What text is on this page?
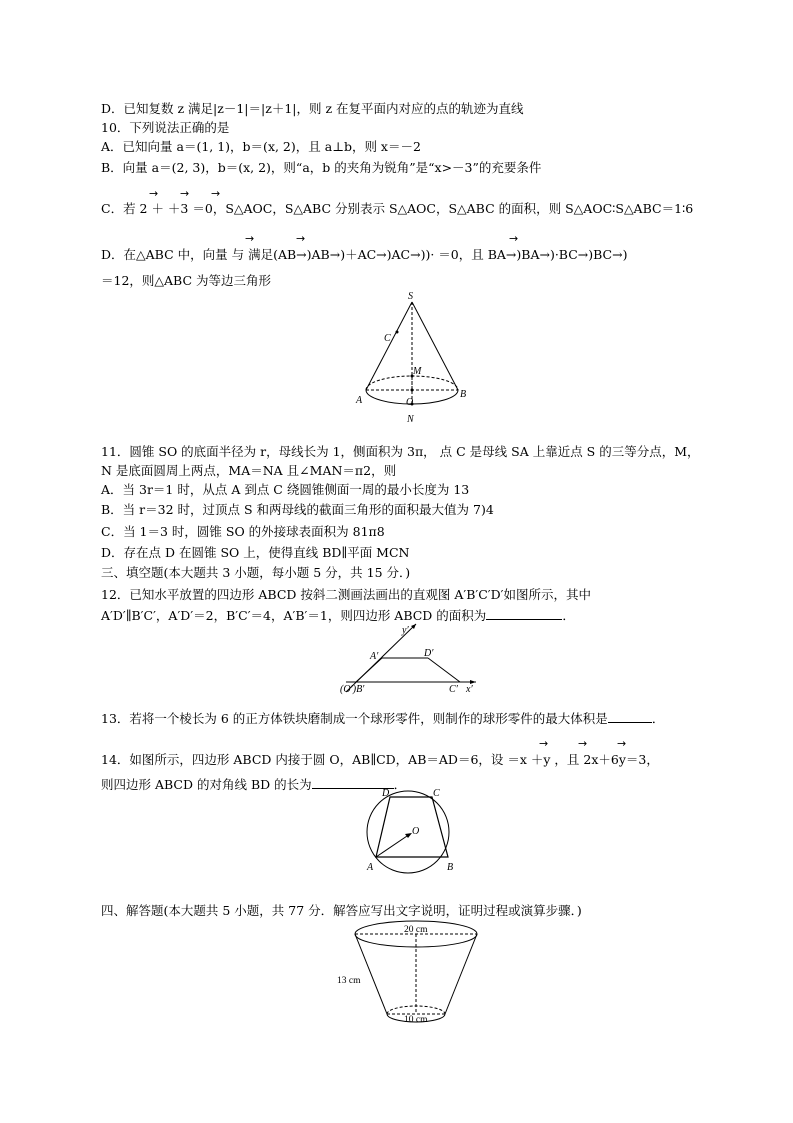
D．已知复数 z 满足|z－1|＝|z＋1|，则 z 在复平面内对应的点的轨迹为直线
10．下列说法正确的是
A．已知向量 a＝(1, 1)，b＝(x, 2)，且 a⊥b，则 x＝－2
B．向量 a＝(2, 3)，b＝(x, 2)，则“a，b 的夹角为锐角”是“x>－3”的充要条件
→ → →
C．若 2 ＋ ＋3 ＝0，S△AOC，S△ABC 分别表示 S△AOC，S△ABC 的面积，则 S△AOC∶S△ABC＝1∶6
→	→	→
D．在△ABC 中，向量 与 满足(AB→)AB→)＋AC→)AC→))· ＝0，且 BA→)BA→)·BC→)BC→)
＝12，则△ABC 为等边三角形
S
C
M
A	O
B
N
11．圆锥 SO 的底面半径为 r，母线长为 1，侧面积为 3π， 点 C 是母线 SA 上靠近点 S 的三等分点，M，
N 是底面圆周上两点，MA＝NA 且∠MAN＝π2，则
A．当 3r＝1 时，从点 A 到点 C 绕圆锥侧面一周的最小长度为 13
B．当 r＝32 时，过顶点 S 和两母线的截面三角形的面积最大值为 7)4
C．当 1＝3 时，圆锥 SO 的外接球表面积为 81π8
D．存在点 D 在圆锥 SO 上，使得直线 BD∥平面 MCN
三、填空题(本大题共 3 小题，每小题 5 分，共 15 分．)
12．已知水平放置的四边形 ABCD 按斜二测画法画出的直观图 A′B′C′D′如图所示，其中
A′D′∥B′C′，A′D′＝2，B′C′＝4，A′B′＝1，则四边形 ABCD 的面积为	．
y′
A′	D′
(O′)B′	C′ x′
13．若将一个棱长为 6 的正方体铁块磨制成一个球形零件，则制作的球形零件的最大体积是	．
→	→	→
14．如图所示，四边形 ABCD 内接于圆 O，AB∥CD，AB＝AD＝6，设 ＝x ＋y ，且 2x＋6y＝3，
则四边形 ABCD 的对角线 BD 的长为	．
D	C
O
A	B
四、解答题(本大题共 5 小题，共 77 分．解答应写出文字说明，证明过程或演算步骤．)
20 cm
13 cm
10 cm
